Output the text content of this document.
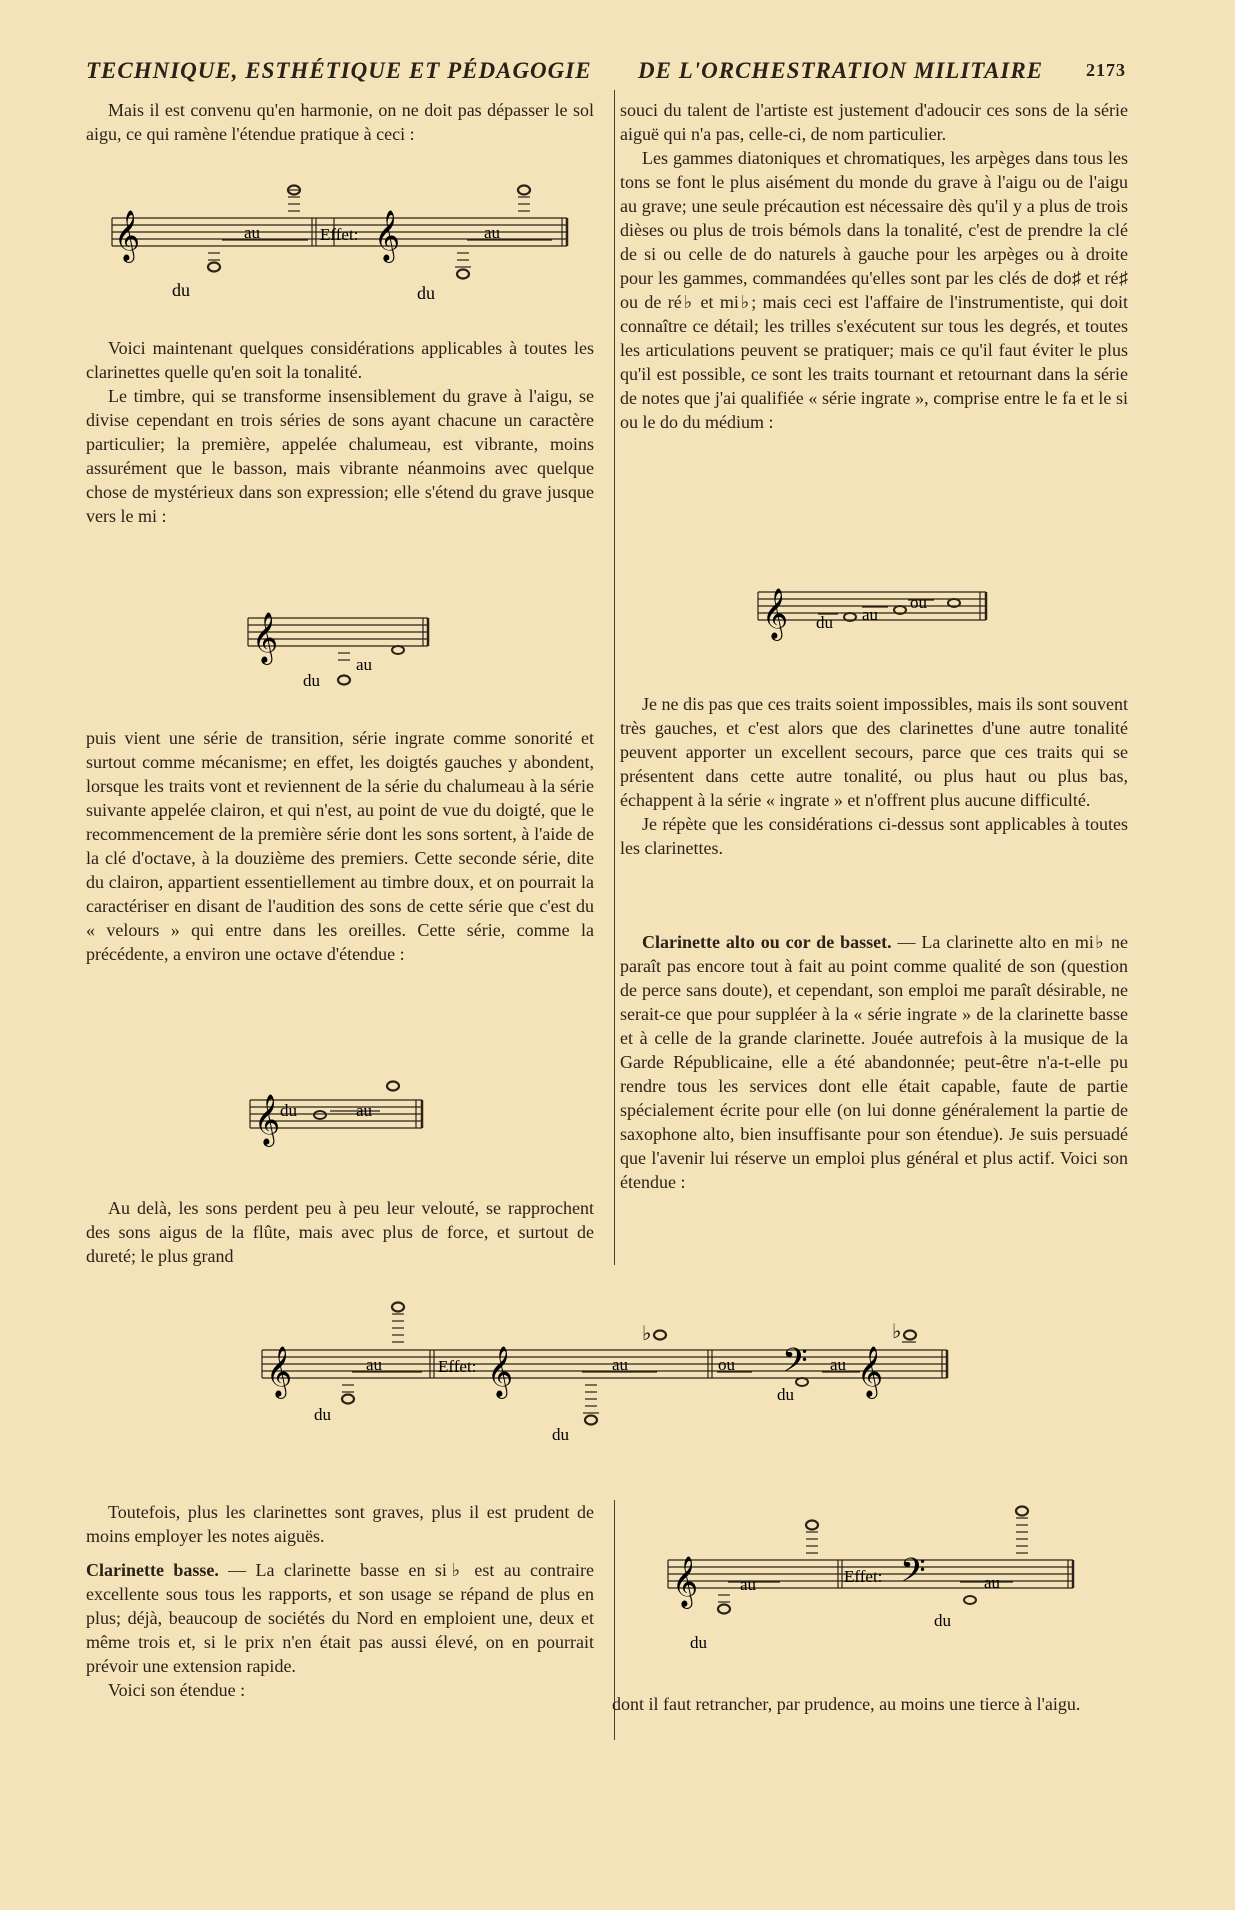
TECHNIQUE, ESTHÉTIQUE ET PÉDAGOGIE DE L'ORCHESTRATION MILITAIRE 2173

Mais il est convenu qu'en harmonie, on ne doit pas dépasser le sol aigu, ce qui ramène l'étendue pratique à ceci :

𝄞	𝄞
Effet:
au	au
du	du

Voici maintenant quelques considérations applicables à toutes les clarinettes quelle qu'en soit la tonalité.

Le timbre, qui se transforme insensiblement du grave à l'aigu, se divise cependant en trois séries de sons ayant chacune un caractère particulier; la première, appelée chalumeau, est vibrante, moins assurément que le basson, mais vibrante néanmoins avec quelque chose de mystérieux dans son expression; elle s'étend du grave jusque vers le mi :

𝄞
au
du

puis vient une série de transition, série ingrate comme sonorité et surtout comme mécanisme; en effet, les doigtés gauches y abondent, lorsque les traits vont et reviennent de la série du chalumeau à la série suivante appelée clairon, et qui n'est, au point de vue du doigté, que le recommencement de la première série dont les sons sortent, à l'aide de la clé d'octave, à la douzième des premiers. Cette seconde série, dite du clairon, appartient essentiellement au timbre doux, et on pourrait la caractériser en disant de l'audition des sons de cette série que c'est du « velours » qui entre dans les oreilles. Cette série, comme la précédente, a environ une octave d'étendue :

𝄞 du	au

Au delà, les sons perdent peu à peu leur velouté, se rapprochent des sons aigus de la flûte, mais avec plus de force, et surtout de dureté; le plus grand

souci du talent de l'artiste est justement d'adoucir ces sons de la série aiguë qui n'a pas, celle-ci, de nom particulier.

Les gammes diatoniques et chromatiques, les arpèges dans tous les tons se font le plus aisément du monde du grave à l'aigu ou de l'aigu au grave; une seule précaution est nécessaire dès qu'il y a plus de trois dièses ou plus de trois bémols dans la tonalité, c'est de prendre la clé de si ou celle de do naturels à gauche pour les arpèges ou à droite pour les gammes, commandées qu'elles sont par les clés de do♯ et ré♯ ou de ré♭ et mi♭; mais ceci est l'affaire de l'instrumentiste, qui doit connaître ce détail; les trilles s'exécutent sur tous les degrés, et toutes les articulations peuvent se pratiquer; mais ce qu'il faut éviter le plus qu'il est possible, ce sont les traits tournant et retournant dans la série de notes que j'ai qualifiée « série ingrate », comprise entre le fa et le si ou le do du médium :

𝄞 du au
ou

Je ne dis pas que ces traits soient impossibles, mais ils sont souvent très gauches, et c'est alors que des clarinettes d'une autre tonalité peuvent apporter un excellent secours, parce que ces traits qui se présentent dans cette autre tonalité, ou plus haut ou plus bas, échappent à la série « ingrate » et n'offrent plus aucune difficulté.

Je répète que les considérations ci-dessus sont applicables à toutes les clarinettes.

Clarinette alto ou cor de basset. — La clarinette alto en mi♭ ne paraît pas encore tout à fait au point comme qualité de son (question de perce sans doute), et cependant, son emploi me paraît désirable, ne serait-ce que pour suppléer à la « série ingrate » de la clarinette basse et à celle de la grande clarinette. Jouée autrefois à la musique de la Garde Républicaine, elle a été abandonnée; peut-être n'a-t-elle pu rendre tous les services dont elle était capable, faute de partie spécialement écrite pour elle (on lui donne généralement la partie de saxophone alto, bien insuffisante pour son étendue). Je suis persuadé que l'avenir lui réserve un emploi plus général et plus actif. Voici son étendue :

𝄞	𝄞	𝄢 𝄞
Effet:
au	au	ou	au
♭	♭
du
du
du

Toutefois, plus les clarinettes sont graves, plus il est prudent de moins employer les notes aiguës.

Clarinette basse. — La clarinette basse en si♭ est au contraire excellente sous tous les rapports, et son usage se répand de plus en plus; déjà, beaucoup de sociétés du Nord en emploient une, deux et même trois et, si le prix n'en était pas aussi élevé, on en pourrait prévoir une extension rapide.

Voici son étendue :

𝄞	𝄢
Effet:
au	au
du
du

dont il faut retrancher, par prudence, au moins une tierce à l'aigu.
